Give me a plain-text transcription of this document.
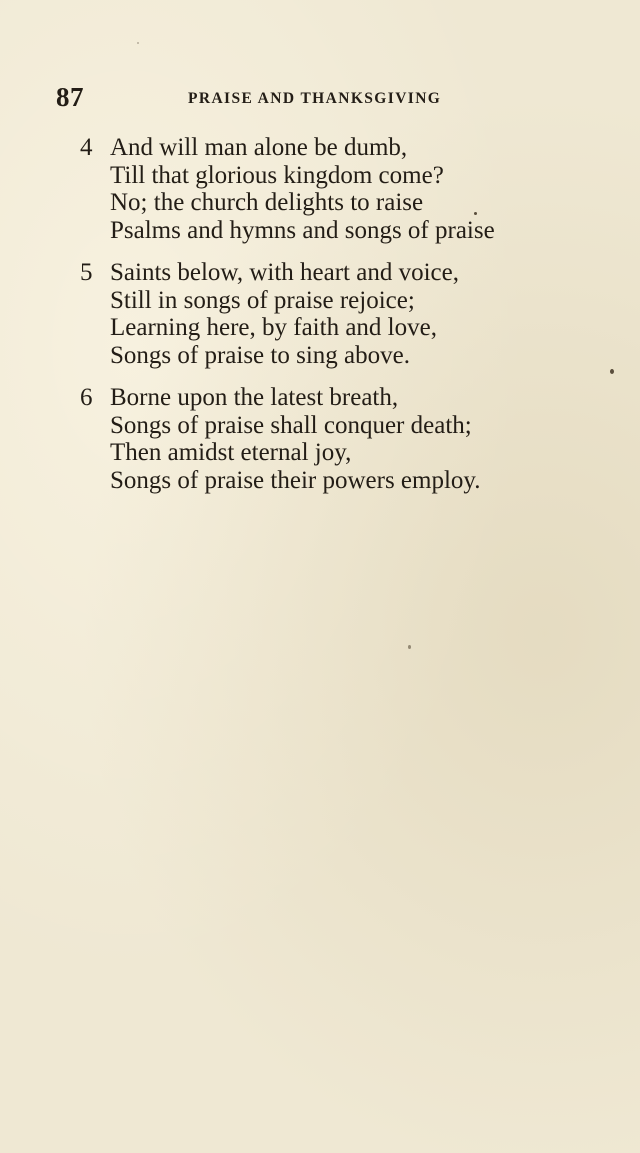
87	PRAISE AND THANKSGIVING
4 And will man alone be dumb,
Till that glorious kingdom come?
No; the church delights to raise
Psalms and hymns and songs of praise
5 Saints below, with heart and voice,
Still in songs of praise rejoice;
Learning here, by faith and love,
Songs of praise to sing above.
6 Borne upon the latest breath,
Songs of praise shall conquer death;
Then amidst eternal joy,
Songs of praise their powers employ.
